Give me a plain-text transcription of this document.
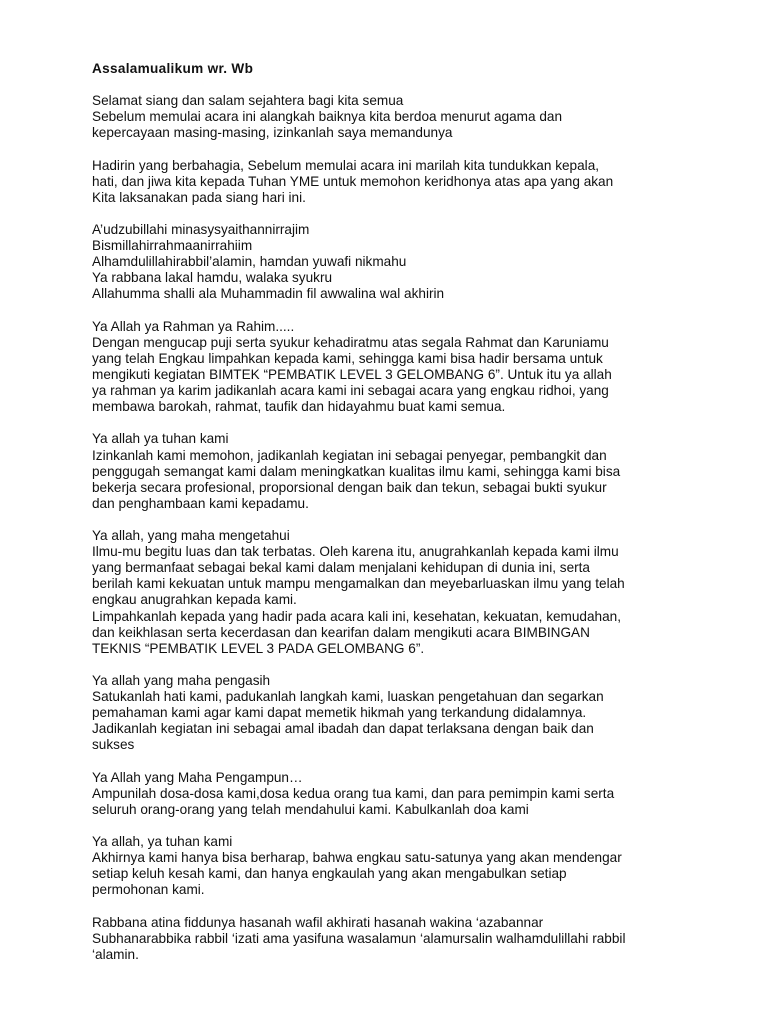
Assalamualikum wr. Wb
Selamat siang dan salam sejahtera bagi kita semua
Sebelum memulai acara ini alangkah baiknya kita berdoa menurut agama dan
kepercayaan masing-masing, izinkanlah saya memandunya
Hadirin yang berbahagia, Sebelum memulai acara ini marilah kita tundukkan kepala,
hati, dan jiwa kita kepada Tuhan YME untuk memohon keridhonya atas apa yang akan
Kita laksanakan pada siang hari ini.
A’udzubillahi minasysyaithannirrajim
Bismillahirrahmaanirrahiim
Alhamdulillahirabbil’alamin, hamdan yuwafi nikmahu
Ya rabbana lakal hamdu, walaka syukru
Allahumma shalli ala Muhammadin fil awwalina wal akhirin
Ya Allah ya Rahman ya Rahim.....
Dengan mengucap puji serta syukur kehadiratmu atas segala Rahmat dan Karuniamu
yang telah Engkau limpahkan kepada kami, sehingga kami bisa hadir bersama untuk
mengikuti kegiatan BIMTEK “PEMBATIK LEVEL 3 GELOMBANG 6”. Untuk itu ya allah
ya rahman ya karim jadikanlah acara kami ini sebagai acara yang engkau ridhoi, yang
membawa barokah, rahmat, taufik dan hidayahmu buat kami semua.
Ya allah ya tuhan kami
Izinkanlah kami memohon, jadikanlah kegiatan ini sebagai penyegar, pembangkit dan
penggugah semangat kami dalam meningkatkan kualitas ilmu kami, sehingga kami bisa
bekerja secara profesional, proporsional dengan baik dan tekun, sebagai bukti syukur
dan penghambaan kami kepadamu.
Ya allah, yang maha mengetahui
Ilmu-mu begitu luas dan tak terbatas. Oleh karena itu, anugrahkanlah kepada kami ilmu
yang bermanfaat sebagai bekal kami dalam menjalani kehidupan di dunia ini, serta
berilah kami kekuatan untuk mampu mengamalkan dan meyebarluaskan ilmu yang telah
engkau anugrahkan kepada kami.
Limpahkanlah kepada yang hadir pada acara kali ini, kesehatan, kekuatan, kemudahan,
dan keikhlasan serta kecerdasan dan kearifan dalam mengikuti acara BIMBINGAN
TEKNIS “PEMBATIK LEVEL 3 PADA GELOMBANG 6”.
Ya allah yang maha pengasih
Satukanlah hati kami, padukanlah langkah kami, luaskan pengetahuan dan segarkan
pemahaman kami agar kami dapat memetik hikmah yang terkandung didalamnya.
Jadikanlah kegiatan ini sebagai amal ibadah dan dapat terlaksana dengan baik dan
sukses
Ya Allah yang Maha Pengampun…
Ampunilah dosa-dosa kami,dosa kedua orang tua kami, dan para pemimpin kami serta
seluruh orang-orang yang telah mendahului kami. Kabulkanlah doa kami
Ya allah, ya tuhan kami
Akhirnya kami hanya bisa berharap, bahwa engkau satu-satunya yang akan mendengar
setiap keluh kesah kami, dan hanya engkaulah yang akan mengabulkan setiap
permohonan kami.
Rabbana atina fiddunya hasanah wafil akhirati hasanah wakina ‘azabannar
Subhanarabbika rabbil ‘izati ama yasifuna wasalamun ‘alamursalin walhamdulillahi rabbil
‘alamin.
